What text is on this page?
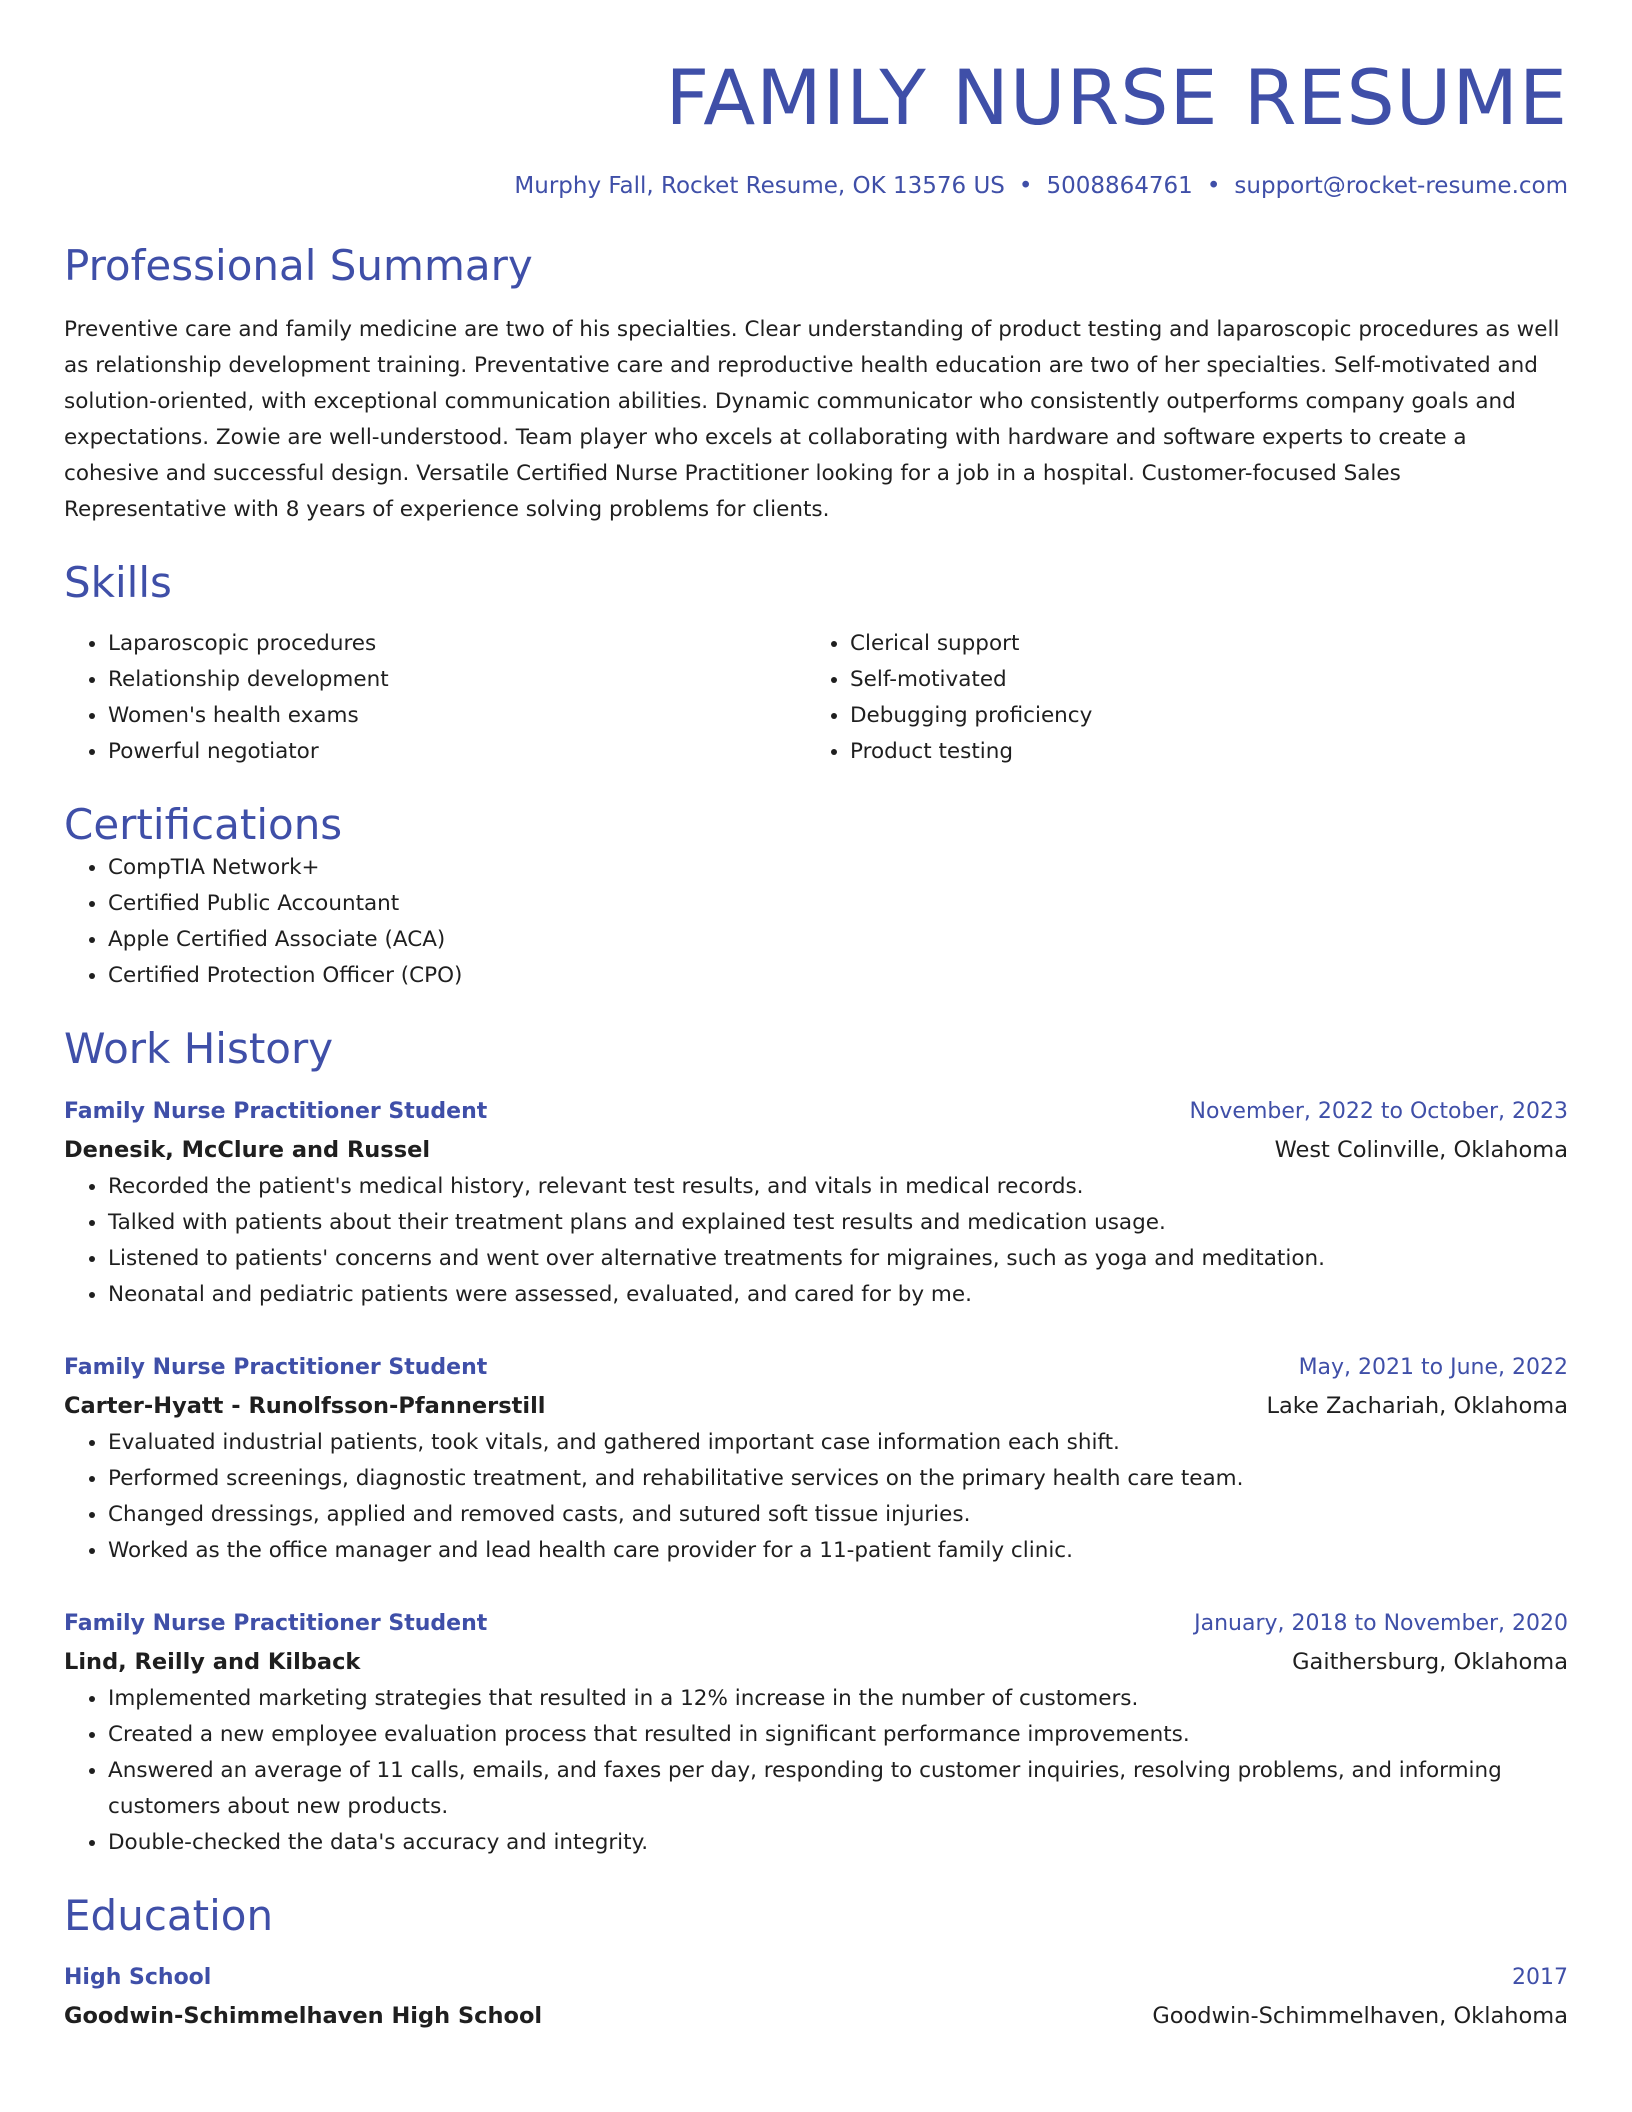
FAMILY NURSE RESUME
Murphy Fall, Rocket Resume, OK 13576 US • 5008864761 • support@rocket-resume.com
Professional Summary
Preventive care and family medicine are two of his specialties. Clear understanding of product testing and laparoscopic procedures as well as relationship development training. Preventative care and reproductive health education are two of her specialties. Self-motivated and solution-oriented, with exceptional communication abilities. Dynamic communicator who consistently outperforms company goals and expectations. Zowie are well-understood. Team player who excels at collaborating with hardware and software experts to create a cohesive and successful design. Versatile Certified Nurse Practitioner looking for a job in a hospital. Customer-focused Sales Representative with 8 years of experience solving problems for clients.
Skills
• Laparoscopic procedures
• Relationship development
• Women's health exams
• Powerful negotiator
• Clerical support
• Self-motivated
• Debugging proficiency
• Product testing
Certifications
• CompTIA Network+
• Certified Public Accountant
• Apple Certified Associate (ACA)
• Certified Protection Officer (CPO)
Work History
Family Nurse Practitioner Student	November, 2022 to October, 2023
Denesik, McClure and Russel	West Colinville, Oklahoma
• Recorded the patient's medical history, relevant test results, and vitals in medical records.
• Talked with patients about their treatment plans and explained test results and medication usage.
• Listened to patients' concerns and went over alternative treatments for migraines, such as yoga and meditation.
• Neonatal and pediatric patients were assessed, evaluated, and cared for by me.
Family Nurse Practitioner Student	May, 2021 to June, 2022
Carter-Hyatt - Runolfsson-Pfannerstill	Lake Zachariah, Oklahoma
• Evaluated industrial patients, took vitals, and gathered important case information each shift.
• Performed screenings, diagnostic treatment, and rehabilitative services on the primary health care team.
• Changed dressings, applied and removed casts, and sutured soft tissue injuries.
• Worked as the office manager and lead health care provider for a 11-patient family clinic.
Family Nurse Practitioner Student	January, 2018 to November, 2020
Lind, Reilly and Kilback	Gaithersburg, Oklahoma
• Implemented marketing strategies that resulted in a 12% increase in the number of customers.
• Created a new employee evaluation process that resulted in significant performance improvements.
• Answered an average of 11 calls, emails, and faxes per day, responding to customer inquiries, resolving problems, and informing customers about new products.
• Double-checked the data's accuracy and integrity.
Education
High School	2017
Goodwin-Schimmelhaven High School	Goodwin-Schimmelhaven, Oklahoma
